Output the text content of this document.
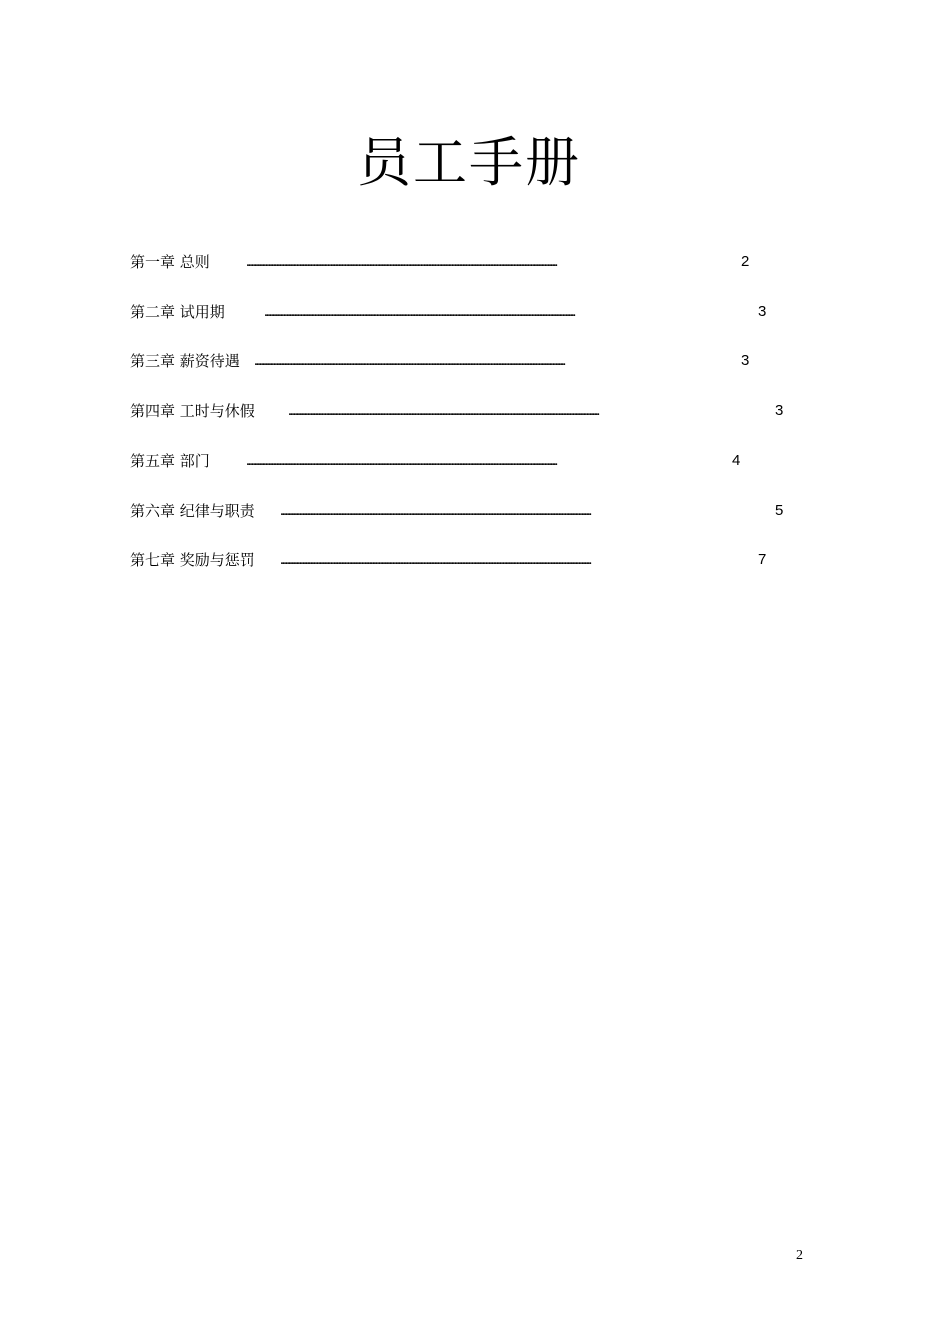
员工手册
第一章 总则 ........................................................................................................................................................................................................	2
第二章 试用期	........................................................................................................................................................................................................	3
第三章 薪资待遇 ........................................................................................................................................................................................................	3
第四章 工时与休假 ........................................................................................................................................................................................................	3
第五章 部门 ........................................................................................................................................................................................................	4
第六章 纪律与职责 ........................................................................................................................................................................................................	5
第七章 奖励与惩罚 ........................................................................................................................................................................................................	7
2
